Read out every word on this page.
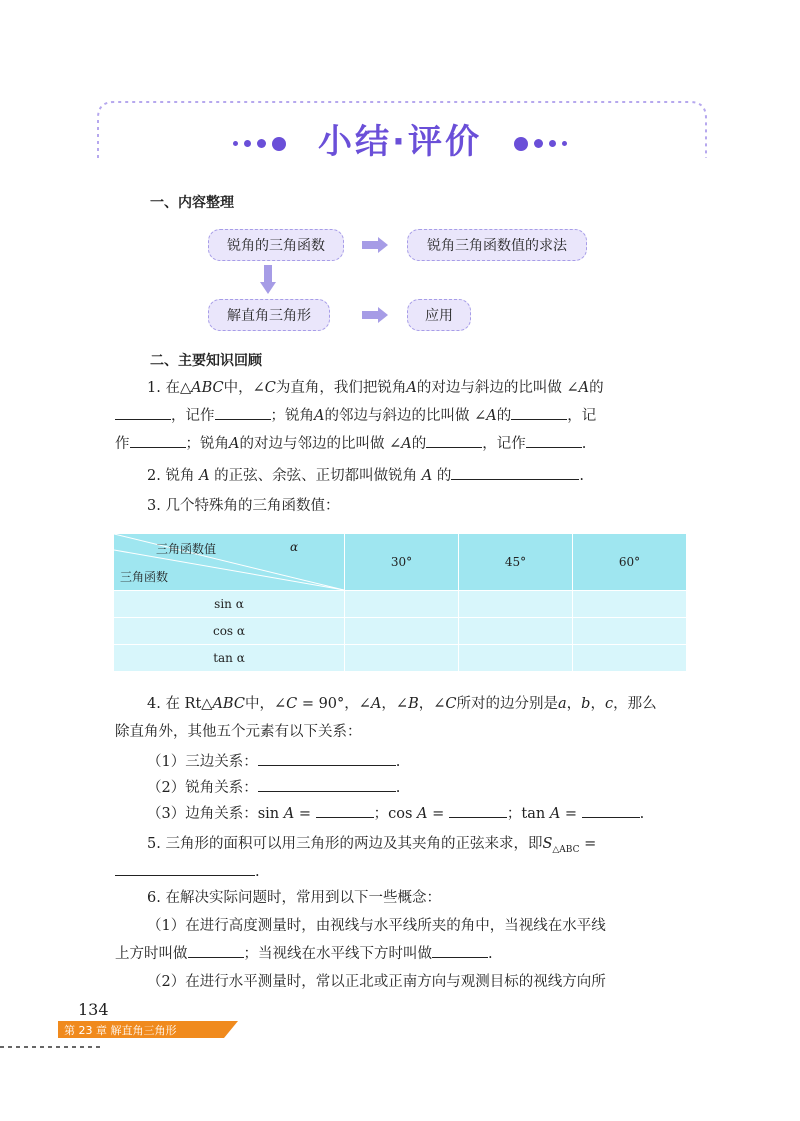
小结·评价
一、内容整理
锐角的三角函数	锐角三角函数值的求法
解直角三角形	应用
二、主要知识回顾
1. 在△ABC中，∠C为直角，我们把锐角A的对边与斜边的比叫做 ∠A的
，记作	；锐角A的邻边与斜边的比叫做 ∠A的	，记
作	；锐角A的对边与邻边的比叫做 ∠A的	，记作	.
2. 锐角 A 的正弦、余弦、正切都叫做锐角 A 的	.
3. 几个特殊角的三角函数值：
三角函数值 α
三角函数	30°	45°	60°
sin α			
cos α			
tan α			
4. 在 Rt△ABC中，∠C = 90°，∠A，∠B，∠C所对的边分别是a，b，c，那么
除直角外，其他五个元素有以下关系：
（1）三边关系：	.
（2）锐角关系：	.
（3）边角关系：sin A =	；cos A =	；tan A =	.
5. 三角形的面积可以用三角形的两边及其夹角的正弦来求，即$S_{\triangle ABC}$ =
.
6. 在解决实际问题时，常用到以下一些概念：
（1）在进行高度测量时，由视线与水平线所夹的角中，当视线在水平线
上方时叫做	；当视线在水平线下方时叫做	.
（2）在进行水平测量时，常以正北或正南方向与观测目标的视线方向所
134
第 23 章 解直角三角形
